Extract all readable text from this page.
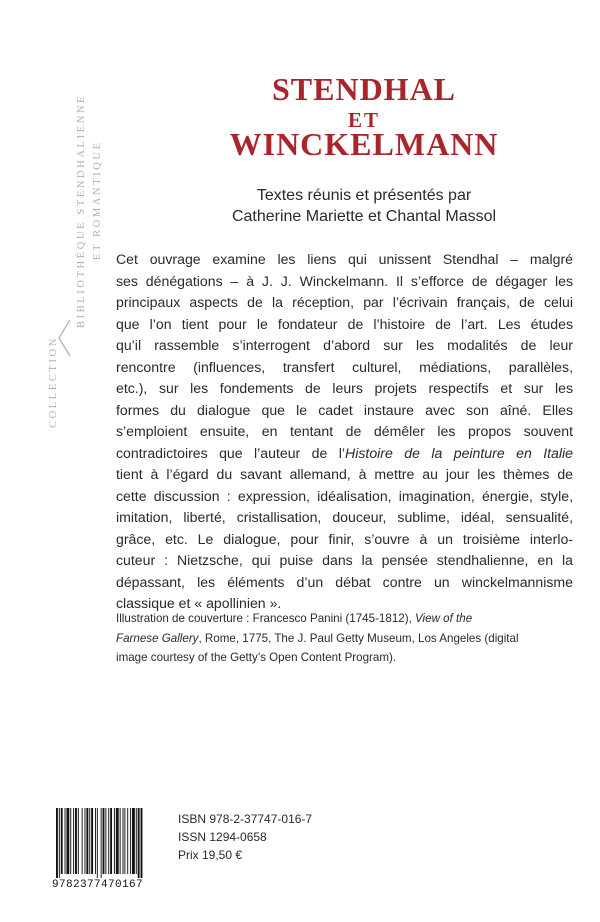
COLLECTION
BIBLIOTHÈQUE STENDHALIENNE ET ROMANTIQUE
STENDHAL
ET
WINCKELMANN
Textes réunis et présentés par
Catherine Mariette et Chantal Massol
Cet ouvrage examine les liens qui unissent Stendhal – malgré
ses dénégations – à J. J. Winckelmann. Il s’efforce de dégager les
principaux aspects de la réception, par l’écrivain français, de celui
que l’on tient pour le fondateur de l’histoire de l’art. Les études
qu’il rassemble s’interrogent d’abord sur les modalités de leur
rencontre (influences, transfert culturel, médiations, parallèles,
etc.), sur les fondements de leurs projets respectifs et sur les
formes du dialogue que le cadet instaure avec son aîné. Elles
s’emploient ensuite, en tentant de démêler les propos souvent
contradictoires que l’auteur de l’Histoire de la peinture en Italie
tient à l’égard du savant allemand, à mettre au jour les thèmes de
cette discussion : expression, idéalisation, imagination, énergie, style,
imitation, liberté, cristallisation, douceur, sublime, idéal, sensualité,
grâce, etc. Le dialogue, pour finir, s’ouvre à un troisième interlo-
cuteur : Nietzsche, qui puise dans la pensée stendhalienne, en la
dépassant, les éléments d’un débat contre un winckelmannisme
classique et « apollinien ».
Illustration de couverture : Francesco Panini (1745-1812), View of the
Farnese Gallery, Rome, 1775, The J. Paul Getty Museum, Los Angeles (digital
image courtesy of the Getty’s Open Content Program).
9782377470167
ISBN 978-2-37747-016-7
ISSN 1294-0658
Prix 19,50 €
